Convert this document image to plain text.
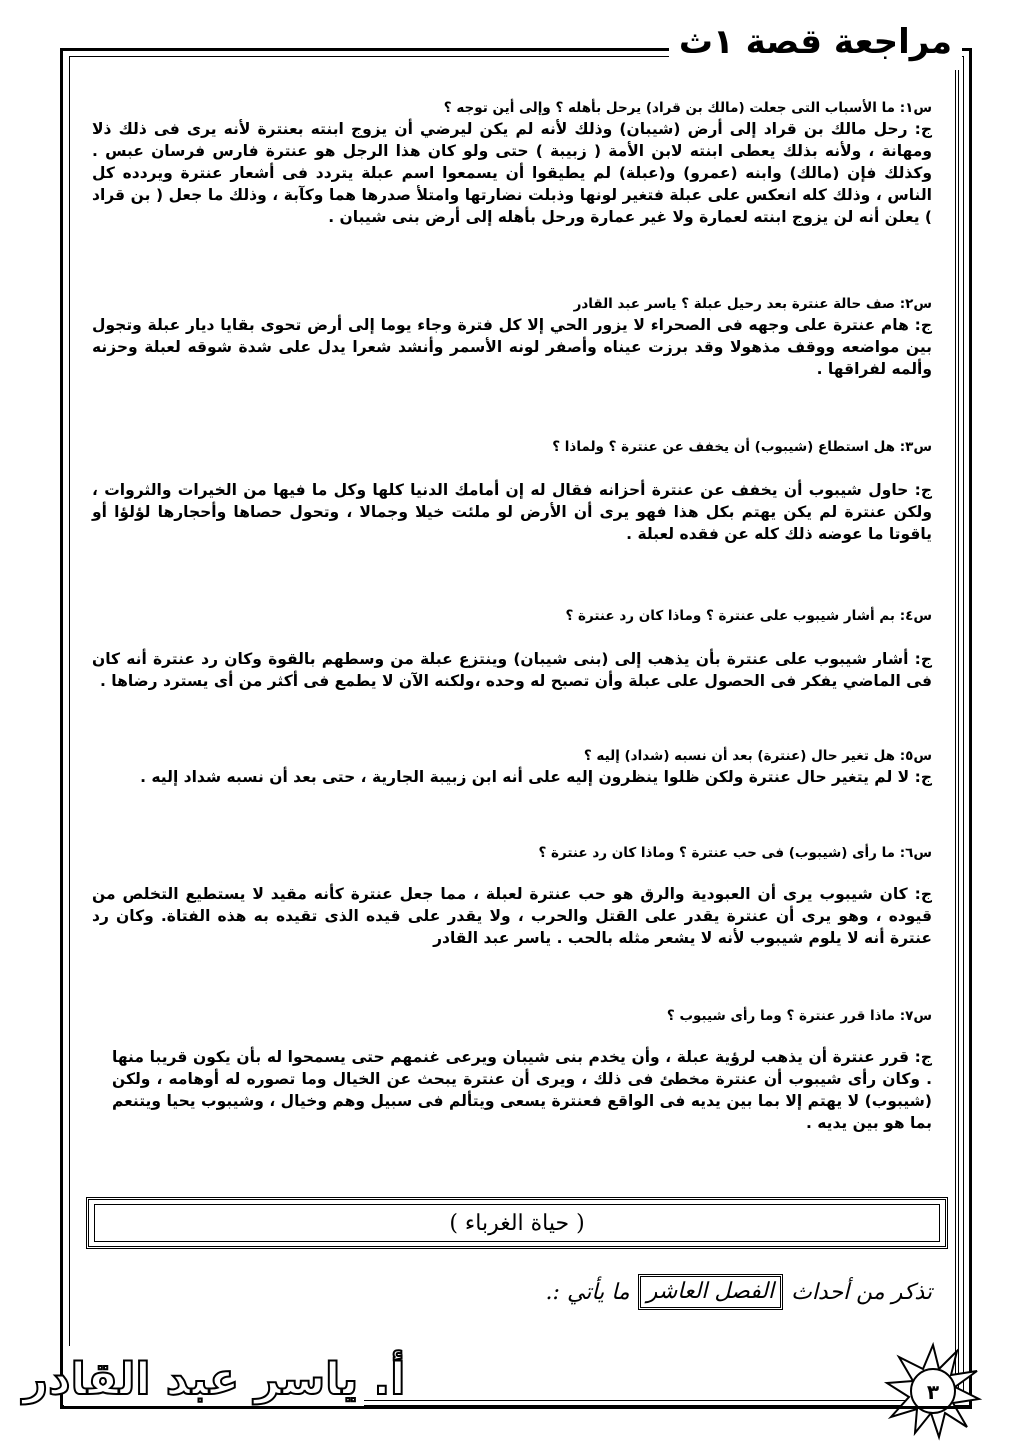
مراجعة قصة ١ث
س١: ما الأسباب التى جعلت (مالك بن قراد) يرحل بأهله ؟ وإلى أين توجه ؟
ج: رحل مالك بن قراد إلى أرض (شيبان) وذلك لأنه لم يكن ليرضي أن يزوج ابنته بعنترة لأنه يرى فى ذلك ذلا ومهانة ، ولأنه بذلك يعطى ابنته لابن الأمة ( زبيبة ) حتى ولو كان هذا الرجل هو عنترة فارس فرسان عبس . وكذلك فإن (مالك) وابنه (عمرو) و(عبلة) لم يطيقوا أن يسمعوا اسم عبلة يتردد فى أشعار عنترة ويردده كل الناس ، وذلك كله انعكس على عبلة فتغير لونها وذبلت نضارتها وامتلأ صدرها هما وكآبة ، وذلك ما جعل ( بن قراد ) يعلن أنه لن يزوج ابنته لعمارة ولا غير عمارة ورحل بأهله إلى أرض بنى شيبان .
س٢: صف حالة عنترة بعد رحيل عبلة ؟ ياسر عبد القادر
ج: هام عنترة على وجهه فى الصحراء لا يزور الحي إلا كل فترة وجاء يوما إلى أرض تحوى بقايا ديار عبلة وتجول بين مواضعه ووقف مذهولا وقد برزت عيناه وأصفر لونه الأسمر وأنشد شعرا يدل على شدة شوقه لعبلة وحزنه وألمه لفراقها .
س٣: هل استطاع (شيبوب) أن يخفف عن عنترة ؟ ولماذا ؟
ج: حاول شيبوب أن يخفف عن عنترة أحزانه فقال له إن أمامك الدنيا كلها وكل ما فيها من الخيرات والثروات ، ولكن عنترة لم يكن يهتم بكل هذا فهو يرى أن الأرض لو ملئت خيلا وجمالا ، وتحول حصاها وأحجارها لؤلؤا أو ياقوتا ما عوضه ذلك كله عن فقده لعبلة .
س٤: بم أشار شيبوب على عنترة ؟ وماذا كان رد عنترة ؟
ج: أشار شيبوب على عنترة بأن يذهب إلى (بنى شيبان) وينتزع عبلة من وسطهم بالقوة وكان رد عنترة أنه كان فى الماضي يفكر فى الحصول على عبلة وأن تصبح له وحده ،ولكنه الآن لا يطمع فى أكثر من أى يسترد رضاها .
س٥: هل تغير حال (عنترة) بعد أن نسبه (شداد) إليه ؟
ج: لا لم يتغير حال عنترة ولكن ظلوا ينظرون إليه على أنه ابن زبيبة الجارية ، حتى بعد أن نسبه شداد إليه .
س٦: ما رأى (شيبوب) فى حب عنترة ؟ وماذا كان رد عنترة ؟
ج: كان شيبوب يرى أن العبودية والرق هو حب عنترة لعبلة ، مما جعل عنترة كأنه مقيد لا يستطيع التخلص من قيوده ، وهو يرى أن عنترة يقدر على القتل والحرب ، ولا يقدر على قيده الذى تقيده به هذه الفتاة. وكان رد عنترة أنه لا يلوم شيبوب لأنه لا يشعر مثله بالحب . ياسر عبد القادر
س٧: ماذا قرر عنترة ؟ وما رأى شيبوب ؟
ج: قرر عنترة أن يذهب لرؤية عبلة ، وأن يخدم بنى شيبان ويرعى غنمهم حتى يسمحوا له بأن يكون قريبا منها . وكان رأى شيبوب أن عنترة مخطئ فى ذلك ، ويرى أن عنترة يبحث عن الخيال وما تصوره له أوهامه ، ولكن (شيبوب) لا يهتم إلا بما بين يديه فى الواقع فعنترة يسعى ويتألم فى سبيل وهم وخيال ، وشيبوب يحيا ويتنعم بما هو بين يديه .
( حياة الغرباء )
تذكر من أحداث
الفصل العاشر
ما يأتي :.
٣
أ. ياسر عبد القادر
